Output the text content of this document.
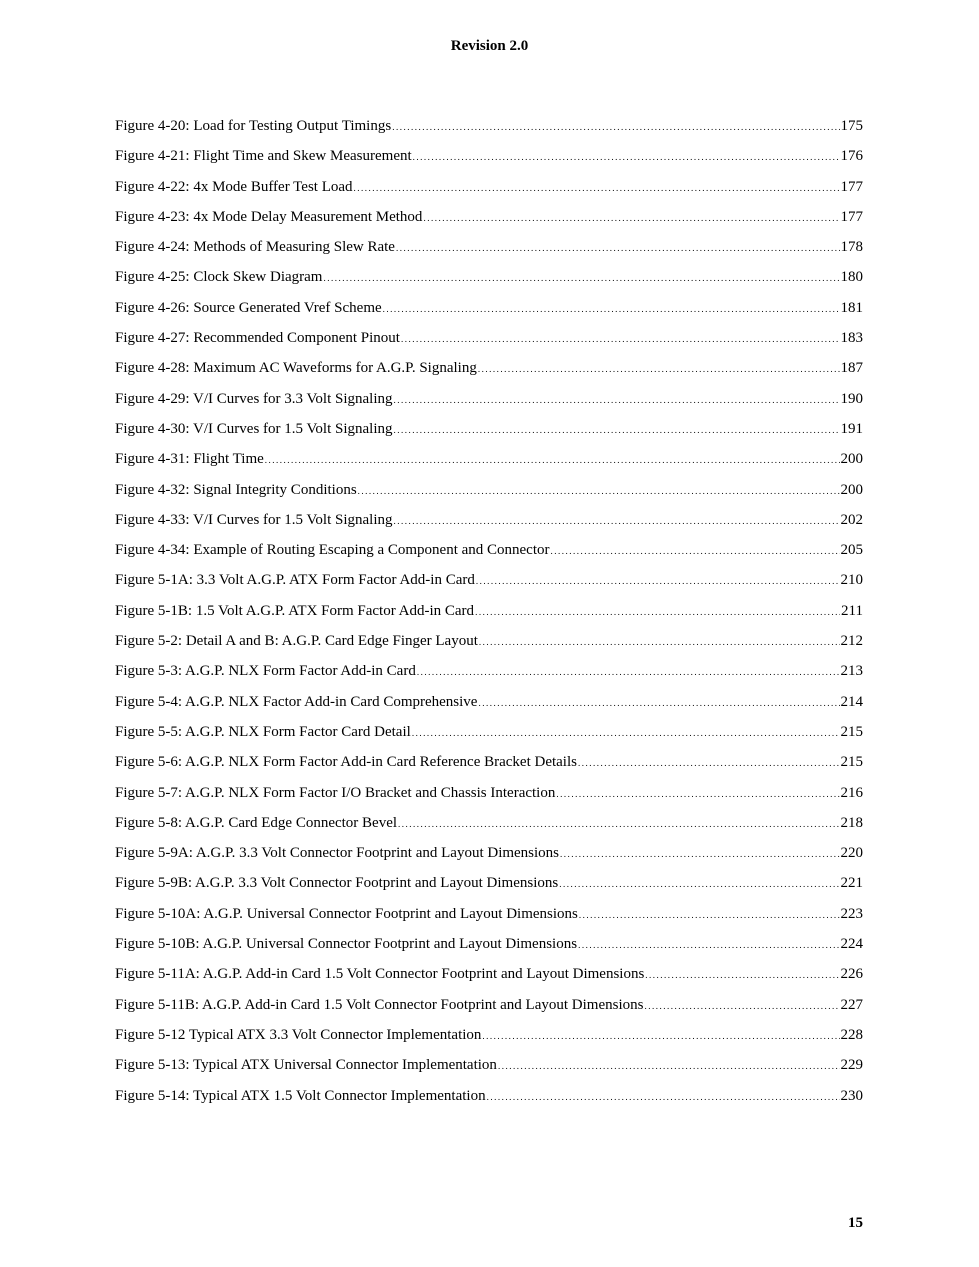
Revision 2.0
Figure 4-20: Load for Testing Output Timings .....	175
Figure 4-21: Flight Time and Skew Measurement .....	176
Figure 4-22: 4x Mode Buffer Test Load .....	177
Figure 4-23: 4x Mode Delay Measurement Method .....	177
Figure 4-24: Methods of Measuring Slew Rate .....	178
Figure 4-25: Clock Skew Diagram .....	180
Figure 4-26: Source Generated Vref Scheme .....	181
Figure 4-27: Recommended Component Pinout .....	183
Figure 4-28: Maximum AC Waveforms for A.G.P. Signaling .....	187
Figure 4-29: V/I Curves for 3.3 Volt Signaling .....	190
Figure 4-30: V/I Curves for 1.5 Volt Signaling .....	191
Figure 4-31: Flight Time .....	200
Figure 4-32: Signal Integrity Conditions .....	200
Figure 4-33: V/I Curves for 1.5 Volt Signaling .....	202
Figure 4-34: Example of Routing Escaping a Component and Connector .....	205
Figure 5-1A: 3.3 Volt A.G.P. ATX Form Factor Add-in Card .....	210
Figure 5-1B: 1.5 Volt A.G.P. ATX Form Factor Add-in Card .....	211
Figure 5-2: Detail A and B: A.G.P. Card Edge Finger Layout .....	212
Figure 5-3: A.G.P. NLX Form Factor Add-in Card .....	213
Figure 5-4: A.G.P. NLX Factor Add-in Card Comprehensive .....	214
Figure 5-5: A.G.P. NLX Form Factor Card Detail .....	215
Figure 5-6: A.G.P. NLX Form Factor Add-in Card Reference Bracket Details .....	215
Figure 5-7: A.G.P. NLX Form Factor I/O Bracket and Chassis Interaction .....	216
Figure 5-8: A.G.P. Card Edge Connector Bevel .....	218
Figure 5-9A: A.G.P. 3.3 Volt Connector Footprint and Layout Dimensions .....	220
Figure 5-9B: A.G.P. 3.3 Volt Connector Footprint and Layout Dimensions .....	221
Figure 5-10A: A.G.P. Universal Connector Footprint and Layout Dimensions .....	223
Figure 5-10B: A.G.P. Universal Connector Footprint and Layout Dimensions .....	224
Figure 5-11A: A.G.P. Add-in Card 1.5 Volt Connector Footprint and Layout Dimensions .....	226
Figure 5-11B: A.G.P. Add-in Card 1.5 Volt Connector Footprint and Layout Dimensions .....	227
Figure 5-12 Typical ATX 3.3 Volt Connector Implementation .....	228
Figure 5-13: Typical ATX Universal Connector Implementation .....	229
Figure 5-14: Typical ATX 1.5 Volt Connector Implementation .....	230
15
